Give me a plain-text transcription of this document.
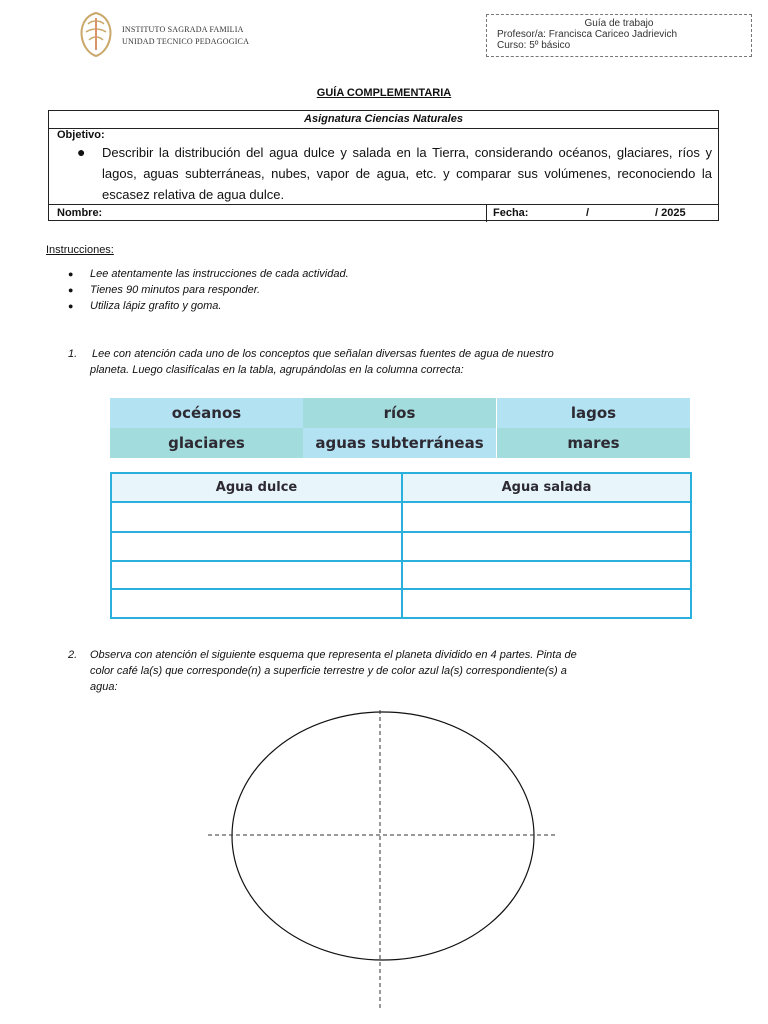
INSTITUTO SAGRADA FAMILIA
UNIDAD TECNICO PEDAGOGICA
Guía de trabajo
Profesor/a: Francisca Cariceo Jadrievich
Curso: 5º básico
GUÍA COMPLEMENTARIA
Asignatura Ciencias Naturales
Objetivo:
● Describir la distribución del agua dulce y salada en la Tierra, considerando océanos, glaciares, ríos y lagos, aguas subterráneas, nubes, vapor de agua, etc. y comparar sus volúmenes, reconociendo la escasez relativa de agua dulce.
Nombre:	Fecha:	/	/ 2025
Instrucciones:
● Lee atentamente las instrucciones de cada actividad.
● Tienes 90 minutos para responder.
● Utiliza lápiz grafito y goma.
1. Lee con atención cada uno de los conceptos que señalan diversas fuentes de agua de nuestro
planeta. Luego clasifícalas en la tabla, agrupándolas en la columna correcta:
océanos	ríos	lagos
glaciares	aguas subterráneas	mares
Agua dulce	Agua salada
2. Observa con atención el siguiente esquema que representa el planeta dividido en 4 partes. Pinta de
color café la(s) que corresponde(n) a superficie terrestre y de color azul la(s) correspondiente(s) a
agua:
